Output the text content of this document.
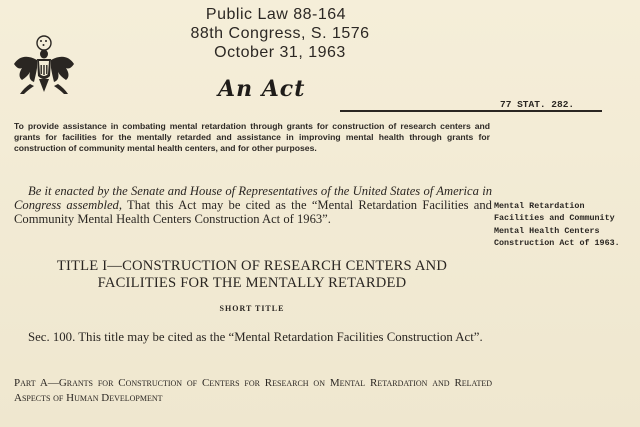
Public Law 88-164
88th Congress, S. 1576
October 31, 1963
An Act
77 STAT. 282.
To provide assistance in combating mental retardation through grants for construction of research centers and grants for facilities for the mentally retarded and assistance in improving mental health through grants for construction of community mental health centers, and for other purposes.
Be it enacted by the Senate and House of Representatives of the United States of America in Congress assembled, That this Act may be cited as the “Mental Retardation Facilities and Community Mental Health Centers Construction Act of 1963”.
Mental Retardation Facilities and Community Mental Health Centers Construction Act of 1963.
TITLE I—CONSTRUCTION OF RESEARCH CENTERS AND
FACILITIES FOR THE MENTALLY RETARDED
SHORT TITLE
Sec. 100. This title may be cited as the “Mental Retardation Facilities Construction Act”.
Part A—Grants for Construction of Centers for Research on Mental Retardation and Related Aspects of Human Development
